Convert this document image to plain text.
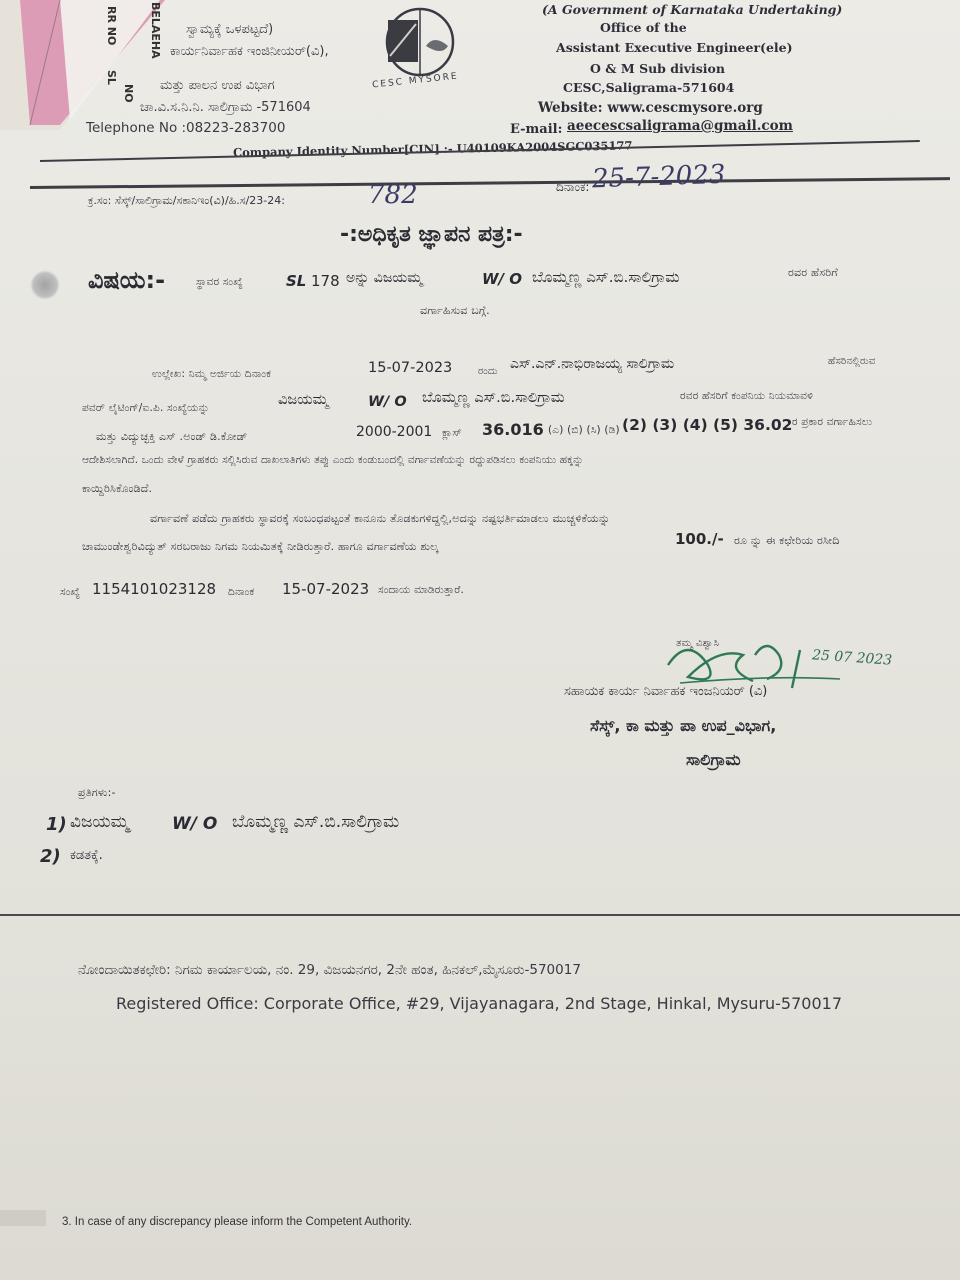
RR NO	BELAEHA
SL
NO
ಸ್ವಾಮ್ಯಕ್ಕೆ ಒಳಪಟ್ಟದೆ)
ಕಾರ್ಯನಿರ್ವಾಹಕ ಇಂಜಿನೀಯರ್(ವಿ),
ಮತ್ತು ಪಾಲನ ಉಪ ವಿಭಾಗ
ಚಾ.ವಿ.ಸ.ನಿ.ನಿ. ಸಾಲಿಗ್ರಾಮ -571604
Telephone No :08223-283700
CESC MYSORE
(A Government of Karnataka Undertaking)
Office of the
Assistant Executive Engineer(ele)
O & M Sub division
CESC,Saligrama-571604
Website: www.cescmysore.org
E-mail: aeecescsaligrama@gmail.com
Company Identity Number[CIN] :- U40109KA2004SGC035177
ಕ್ರ.ಸಂ: ಸೆಸ್ಕ್/ಸಾಲಿಗ್ರಾಮ/ಸಕಾನಿಇಂ(ವಿ)/ಹಿ.ಸ/23-24:	782	ದಿನಾಂಕ: 25-7-2023
-:ಅಧಿಕೃತ ಜ್ಞಾಪನ ಪತ್ರ:-
ವಿಷಯ:-	ಸ್ಥಾವರ ಸಂಖ್ಯೆ	SL 178 ಅನ್ನು ವಿಜಯಮ್ಮ	W/ O ಬೊಮ್ಮಣ್ಣ ಎಸ್.ಬಿ.ಸಾಲಿಗ್ರಾಮ	ರವರ ಹೆಸರಿಗೆ
ವರ್ಗಾಹಿಸುವ ಬಗ್ಗೆ.
ಉಲ್ಲೇಖ: ನಿಮ್ಮ ಅರ್ಜಿಯ ದಿನಾಂಕ	15-07-2023	ರಂದು ಎಸ್.ಎನ್.ನಾಭಿರಾಜಯ್ಯ ಸಾಲಿಗ್ರಾಮ	ಹೆಸರಿನಲ್ಲಿರುವ
ಪವರ್ ಲೈಟಿಂಗ್/ಐ.ಪಿ. ಸಂಖ್ಯೆಯನ್ನು	ವಿಜಯಮ್ಮ	W/ O ಬೊಮ್ಮಣ್ಣ ಎಸ್.ಬಿ.ಸಾಲಿಗ್ರಾಮ	ರವರ ಹೆಸರಿಗೆ ಕಂಪನಿಯ ನಿಯಮಾವಳಿ
ಮತ್ತು ವಿದ್ಯುಚ್ಛಕ್ತಿ ಎಸ್ .ಅಂಡ್ ಡಿ.ಕೋಡ್	2000-2001 ಕ್ಲಾಸ್ 36.016 (ಎ) (ಬಿ) (ಸಿ) (ಡಿ) (2) (3) (4) (5) 36.02 ರ ಪ್ರಕಾರ ವರ್ಗಾಹಿಸಲು
ಆದೇಶಿಸಲಾಗಿದೆ. ಒಂದು ವೇಳೆ ಗ್ರಾಹಕರು ಸಲ್ಲಿಸಿರುವ ದಾಖಲಾತಿಗಳು ತಪ್ಪು ಎಂದು ಕಂಡುಬಂದಲ್ಲಿ ವರ್ಗಾವಣೆಯನ್ನು ರದ್ದುಪಡಿಸಲು ಕಂಪನಿಯು ಹಕ್ಕನ್ನು
ಕಾಯ್ದಿರಿಸಿಕೊಂಡಿದೆ.
ವರ್ಗಾವಣೆ ಪಡೆದು ಗ್ರಾಹಕರು ಸ್ಥಾವರಕ್ಕೆ ಸಂಬಂಧಪಟ್ಟಂತೆ ಕಾನೂನು ತೊಡಕುಗಳಿದ್ದಲ್ಲಿ,ಅದನ್ನು ನಷ್ಟಭರ್ತಿಮಾಡಲು ಮುಚ್ಚಳಿಕೆಯನ್ನು
ಚಾಮುಂಡೇಶ್ವರಿವಿದ್ಯುತ್ ಸರಬರಾಜು ನಿಗಮ ನಿಯಮಿತಕ್ಕೆ ನೀಡಿರುತ್ತಾರೆ. ಹಾಗೂ ವರ್ಗಾವಣೆಯ ಶುಲ್ಕ	100./- ರೂ ನ್ನು ಈ ಕಛೇರಿಯ ರಸೀದಿ
ಸಂಖ್ಯೆ 1154101023128 ದಿನಾಂಕ 15-07-2023 ಸಂದಾಯ ಮಾಡಿರುತ್ತಾರೆ.
ತಮ್ಮ ವಿಶ್ವಾಸಿ
25 07 2023
ಸಹಾಯಕ ಕಾರ್ಯ ನಿರ್ವಾಹಕ ಇಂಜನಿಯರ್ (ವಿ)
ಸೆಸ್ಕ್, ಕಾ ಮತ್ತು ಪಾ ಉಪ_ವಿಭಾಗ,
ಸಾಲಿಗ್ರಾಮ
ಪ್ರತಿಗಳು:-
1) ವಿಜಯಮ್ಮ	W/ O ಬೊಮ್ಮಣ್ಣ ಎಸ್.ಬಿ.ಸಾಲಿಗ್ರಾಮ
2) ಕಡತಕ್ಕೆ.
ನೋಂದಾಯಿತಕಛೇರಿ: ನಿಗಮ ಕಾರ್ಯಾಲಯ, ನಂ. 29, ವಿಜಯನಗರ, 2ನೇ ಹಂತ, ಹಿನಕಲ್,ಮೈಸೂರು-570017
Registered Office: Corporate Office, #29, Vijayanagara, 2nd Stage, Hinkal, Mysuru-570017
3. In case of any discrepancy please inform the Competent Authority.
